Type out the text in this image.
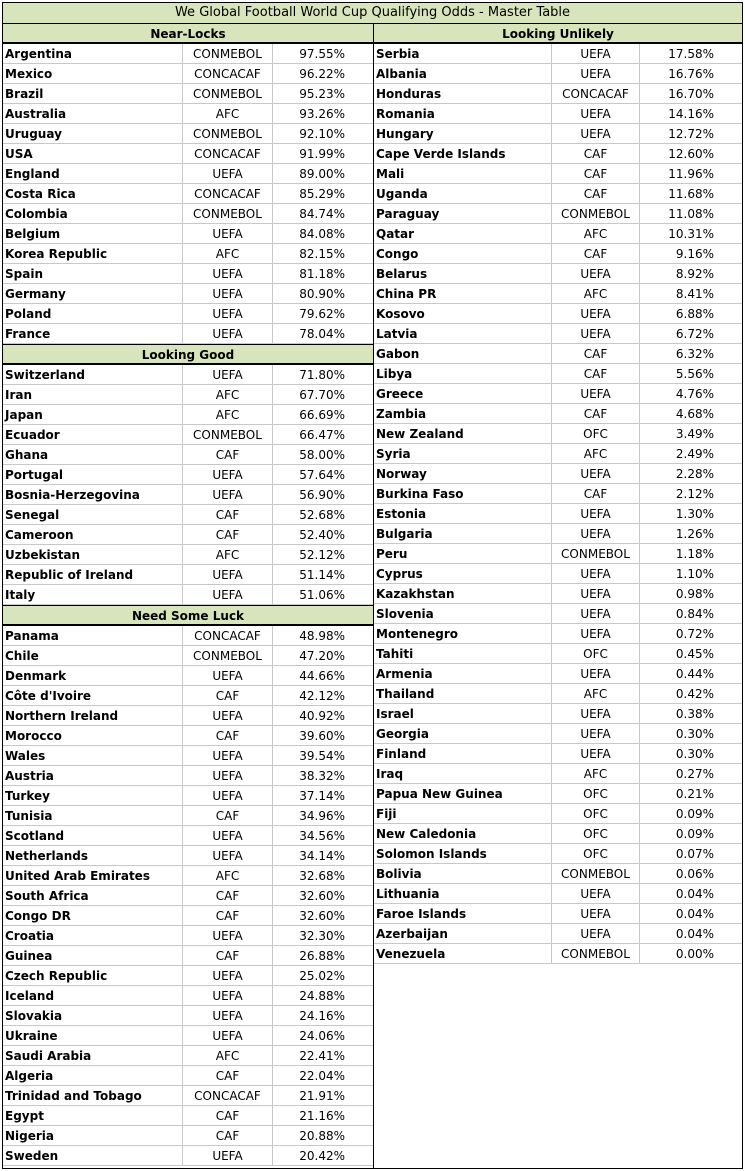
We Global Football World Cup Qualifying Odds - Master Table
Near-Locks
Argentina	CONMEBOL	97.55%
Mexico	CONCACAF	96.22%
Brazil	CONMEBOL	95.23%
Australia	AFC	93.26%
Uruguay	CONMEBOL	92.10%
USA	CONCACAF	91.99%
England	UEFA	89.00%
Costa Rica	CONCACAF	85.29%
Colombia	CONMEBOL	84.74%
Belgium	UEFA	84.08%
Korea Republic	AFC	82.15%
Spain	UEFA	81.18%
Germany	UEFA	80.90%
Poland	UEFA	79.62%
France	UEFA	78.04%
Looking Good
Switzerland	UEFA	71.80%
Iran	AFC	67.70%
Japan	AFC	66.69%
Ecuador	CONMEBOL	66.47%
Ghana	CAF	58.00%
Portugal	UEFA	57.64%
Bosnia-Herzegovina	UEFA	56.90%
Senegal	CAF	52.68%
Cameroon	CAF	52.40%
Uzbekistan	AFC	52.12%
Republic of Ireland	UEFA	51.14%
Italy	UEFA	51.06%
Need Some Luck
Panama	CONCACAF	48.98%
Chile	CONMEBOL	47.20%
Denmark	UEFA	44.66%
Côte d'Ivoire	CAF	42.12%
Northern Ireland	UEFA	40.92%
Morocco	CAF	39.60%
Wales	UEFA	39.54%
Austria	UEFA	38.32%
Turkey	UEFA	37.14%
Tunisia	CAF	34.96%
Scotland	UEFA	34.56%
Netherlands	UEFA	34.14%
United Arab Emirates	AFC	32.68%
South Africa	CAF	32.60%
Congo DR	CAF	32.60%
Croatia	UEFA	32.30%
Guinea	CAF	26.88%
Czech Republic	UEFA	25.02%
Iceland	UEFA	24.88%
Slovakia	UEFA	24.16%
Ukraine	UEFA	24.06%
Saudi Arabia	AFC	22.41%
Algeria	CAF	22.04%
Trinidad and Tobago	CONCACAF	21.91%
Egypt	CAF	21.16%
Nigeria	CAF	20.88%
Sweden	UEFA	20.42%
Looking Unlikely
Serbia	UEFA	17.58%
Albania	UEFA	16.76%
Honduras	CONCACAF	16.70%
Romania	UEFA	14.16%
Hungary	UEFA	12.72%
Cape Verde Islands	CAF	12.60%
Mali	CAF	11.96%
Uganda	CAF	11.68%
Paraguay	CONMEBOL	11.08%
Qatar	AFC	10.31%
Congo	CAF	9.16%
Belarus	UEFA	8.92%
China PR	AFC	8.41%
Kosovo	UEFA	6.88%
Latvia	UEFA	6.72%
Gabon	CAF	6.32%
Libya	CAF	5.56%
Greece	UEFA	4.76%
Zambia	CAF	4.68%
New Zealand	OFC	3.49%
Syria	AFC	2.49%
Norway	UEFA	2.28%
Burkina Faso	CAF	2.12%
Estonia	UEFA	1.30%
Bulgaria	UEFA	1.26%
Peru	CONMEBOL	1.18%
Cyprus	UEFA	1.10%
Kazakhstan	UEFA	0.98%
Slovenia	UEFA	0.84%
Montenegro	UEFA	0.72%
Tahiti	OFC	0.45%
Armenia	UEFA	0.44%
Thailand	AFC	0.42%
Israel	UEFA	0.38%
Georgia	UEFA	0.30%
Finland	UEFA	0.30%
Iraq	AFC	0.27%
Papua New Guinea	OFC	0.21%
Fiji	OFC	0.09%
New Caledonia	OFC	0.09%
Solomon Islands	OFC	0.07%
Bolivia	CONMEBOL	0.06%
Lithuania	UEFA	0.04%
Faroe Islands	UEFA	0.04%
Azerbaijan	UEFA	0.04%
Venezuela	CONMEBOL	0.00%
